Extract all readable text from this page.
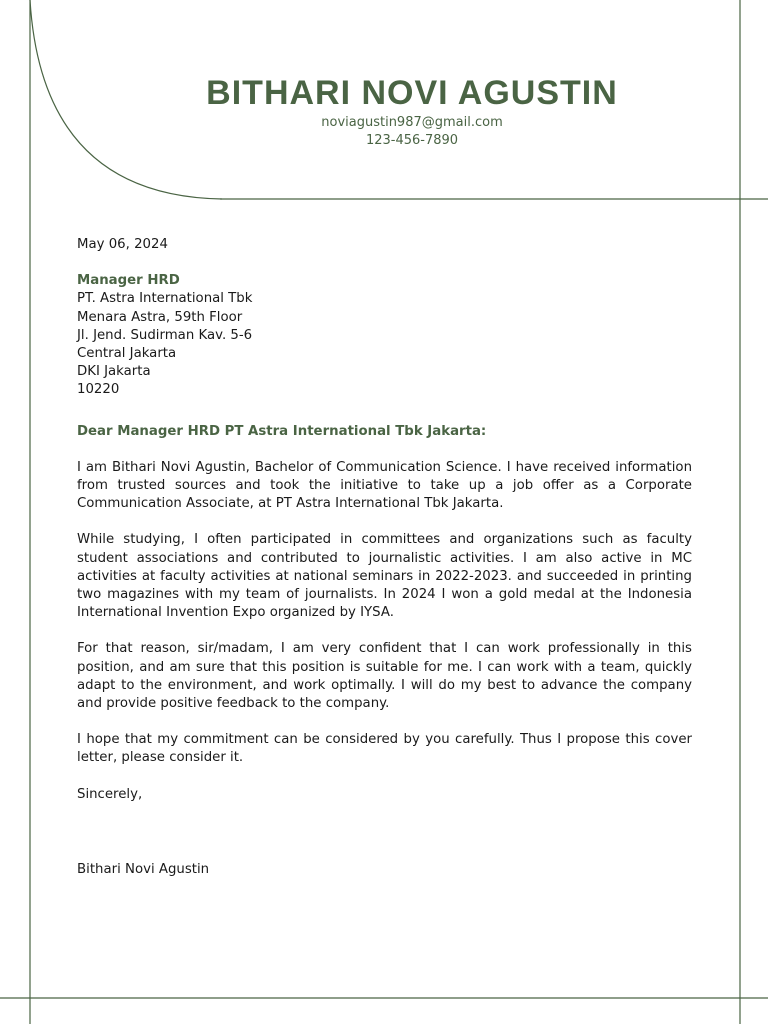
BITHARI NOVI AGUSTIN
noviagustin987@gmail.com
123-456-7890

May 06, 2024

Manager HRD
PT. Astra International Tbk
Menara Astra, 59th Floor
Jl. Jend. Sudirman Kav. 5-6
Central Jakarta
DKI Jakarta
10220

Dear Manager HRD PT Astra International Tbk Jakarta:

I am Bithari Novi Agustin, Bachelor of Communication Science. I have received information from trusted sources and took the initiative to take up a job offer as a Corporate Communication Associate, at PT Astra International Tbk Jakarta.

While studying, I often participated in committees and organizations such as faculty student associations and contributed to journalistic activities. I am also active in MC activities at faculty activities at national seminars in 2022-2023. and succeeded in printing two magazines with my team of journalists. In 2024 I won a gold medal at the Indonesia International Invention Expo organized by IYSA.

For that reason, sir/madam, I am very confident that I can work professionally in this position, and am sure that this position is suitable for me. I can work with a team, quickly adapt to the environment, and work optimally. I will do my best to advance the company and provide positive feedback to the company.

I hope that my commitment can be considered by you carefully. Thus I propose this cover letter, please consider it.

Sincerely,

Bithari Novi Agustin
